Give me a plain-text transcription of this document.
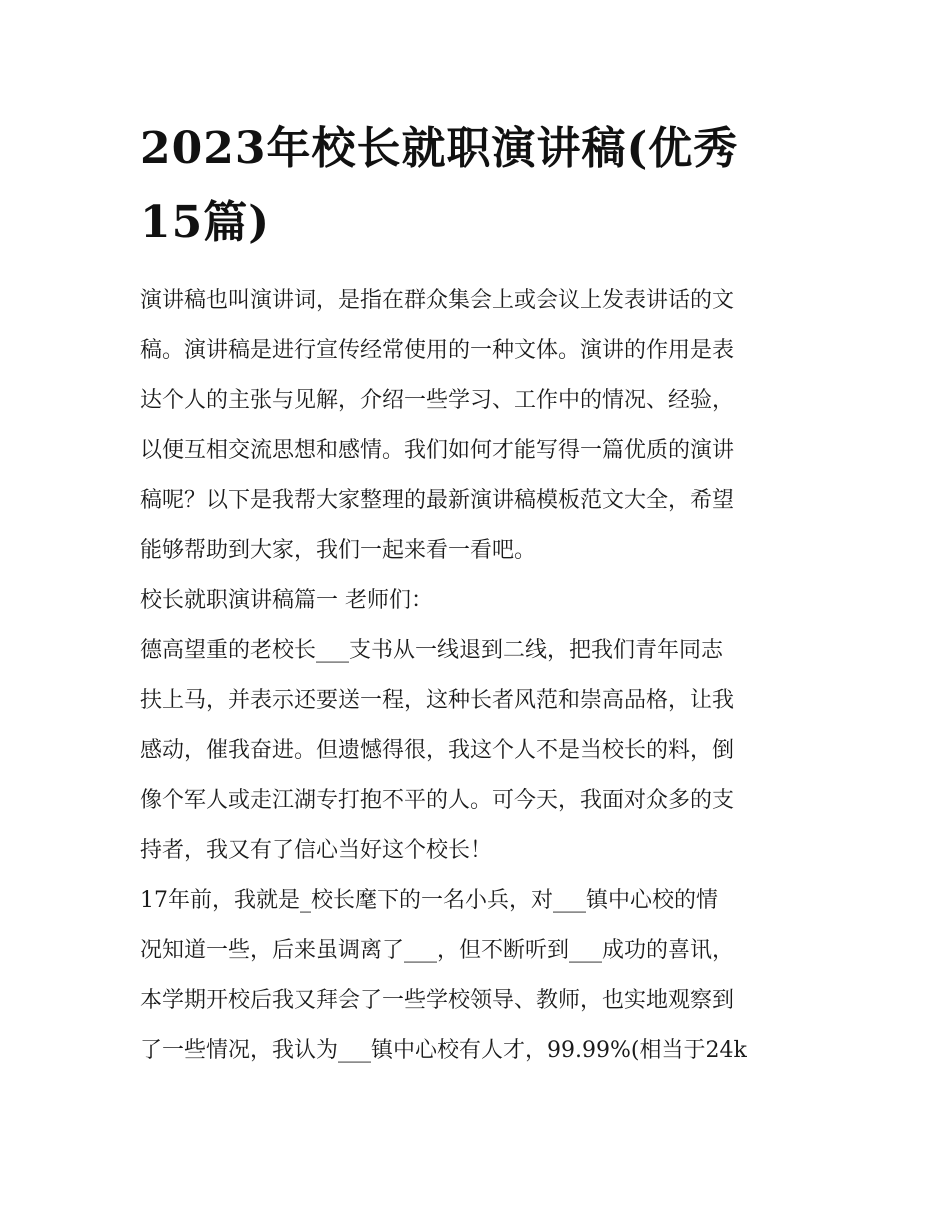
2023年校长就职演讲稿(优秀
15篇)
演讲稿也叫演讲词，是指在群众集会上或会议上发表讲话的文
稿。演讲稿是进行宣传经常使用的一种文体。演讲的作用是表
达个人的主张与见解，介绍一些学习、工作中的情况、经验，
以便互相交流思想和感情。我们如何才能写得一篇优质的演讲
稿呢？以下是我帮大家整理的最新演讲稿模板范文大全，希望
能够帮助到大家，我们一起来看一看吧。
校长就职演讲稿篇一 老师们：
德高望重的老校长___支书从一线退到二线，把我们青年同志
扶上马，并表示还要送一程，这种长者风范和崇高品格，让我
感动，催我奋进。但遗憾得很，我这个人不是当校长的料，倒
像个军人或走江湖专打抱不平的人。可今天，我面对众多的支
持者，我又有了信心当好这个校长！
17年前，我就是_校长麾下的一名小兵，对___镇中心校的情
况知道一些，后来虽调离了___，但不断听到___成功的喜讯，
本学期开校后我又拜会了一些学校领导、教师，也实地观察到
了一些情况，我认为___镇中心校有人才，99.99%(相当于24k
